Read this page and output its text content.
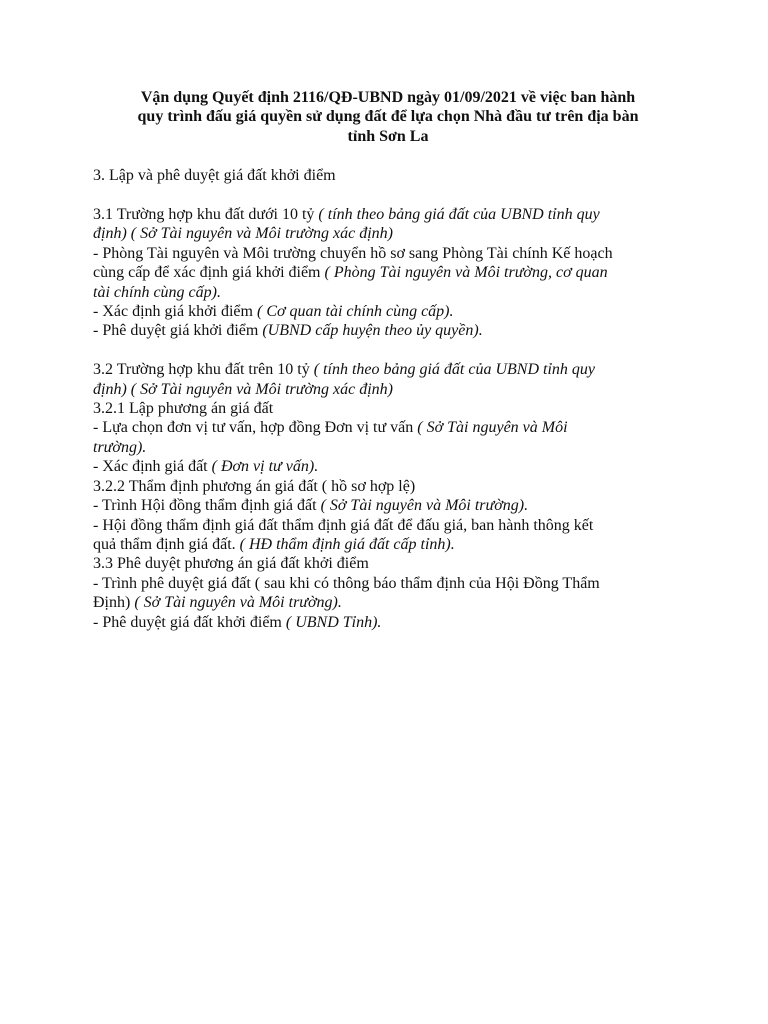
Vận dụng Quyết định 2116/QĐ-UBND ngày 01/09/2021 về việc ban hành
quy trình đấu giá quyền sử dụng đất để lựa chọn Nhà đầu tư trên địa bàn
tỉnh Sơn La

3. Lập và phê duyệt giá đất khởi điểm

3.1 Trường hợp khu đất dưới 10 tỷ ( tính theo bảng giá đất của UBND tỉnh quy

định) ( Sở Tài nguyên và Môi trường xác định)

- Phòng Tài nguyên và Môi trường chuyển hồ sơ sang Phòng Tài chính Kế hoạch

cùng cấp để xác định giá khởi điểm ( Phòng Tài nguyên và Môi trường, cơ quan

tài chính cùng cấp).

- Xác định giá khởi điểm ( Cơ quan tài chính cùng cấp).

- Phê duyệt giá khởi điểm (UBND cấp huyện theo ủy quyền).

3.2 Trường hợp khu đất trên 10 tỷ ( tính theo bảng giá đất của UBND tỉnh quy

định) ( Sở Tài nguyên và Môi trường xác định)

3.2.1 Lập phương án giá đất

- Lựa chọn đơn vị tư vấn, hợp đồng Đơn vị tư vấn ( Sở Tài nguyên và Môi

trường).

- Xác định giá đất ( Đơn vị tư vấn).

3.2.2 Thẩm định phương án giá đất ( hồ sơ hợp lệ)

- Trình Hội đồng thẩm định giá đất ( Sở Tài nguyên và Môi trường).

- Hội đồng thẩm định giá đất thẩm định giá đất để đấu giá, ban hành thông kết

quả thẩm định giá đất. ( HĐ thẩm định giá đất cấp tỉnh).

3.3 Phê duyệt phương án giá đất khởi điểm

- Trình phê duyệt giá đất ( sau khi có thông báo thẩm định của Hội Đồng Thẩm

Định) ( Sở Tài nguyên và Môi trường).

- Phê duyệt giá đất khởi điểm ( UBND Tỉnh).
